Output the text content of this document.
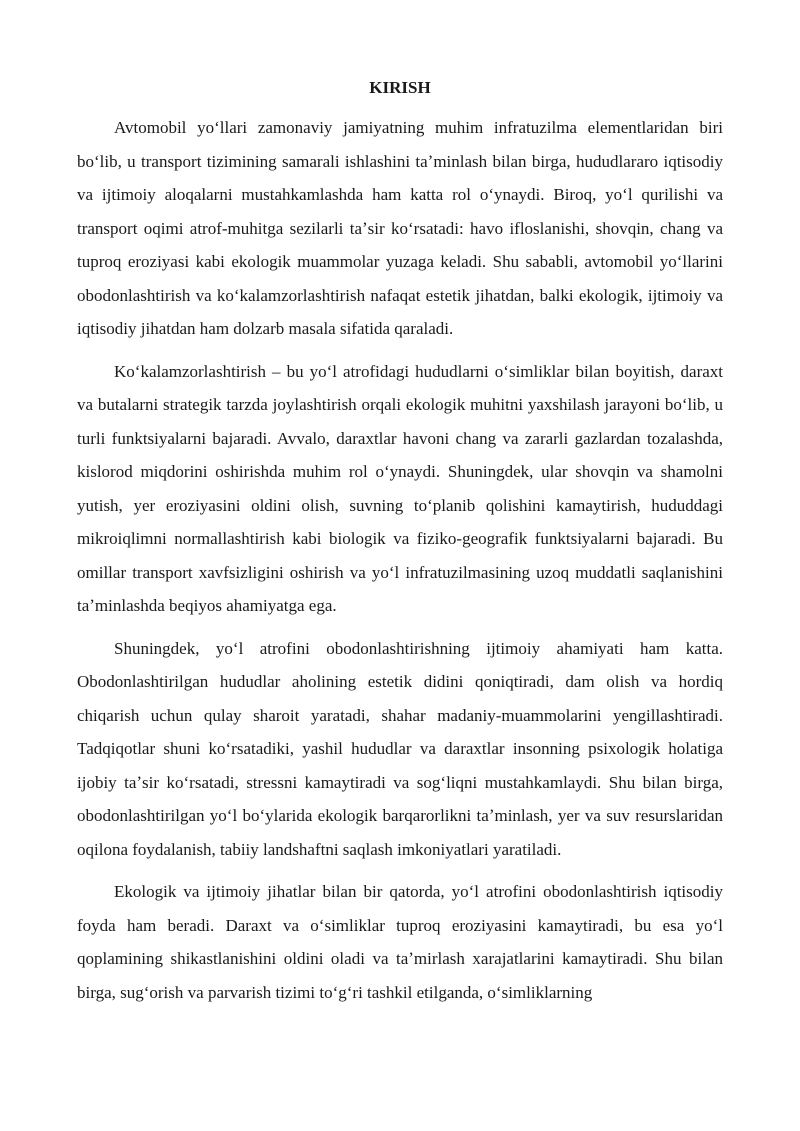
KIRISH

Avtomobil yoʻllari zamonaviy jamiyatning muhim infratuzilma elementlaridan biri boʻlib, u transport tizimining samarali ishlashini taʼminlash bilan birga, hududlararo iqtisodiy va ijtimoiy aloqalarni mustahkamlashda ham katta rol oʻynaydi. Biroq, yoʻl qurilishi va transport oqimi atrof-muhitga sezilarli taʼsir koʻrsatadi: havo ifloslanishi, shovqin, chang va tuproq eroziyasi kabi ekologik muammolar yuzaga keladi. Shu sababli, avtomobil yoʻllarini obodonlashtirish va koʻkalamzorlashtirish nafaqat estetik jihatdan, balki ekologik, ijtimoiy va iqtisodiy jihatdan ham dolzarb masala sifatida qaraladi.

Koʻkalamzorlashtirish – bu yoʻl atrofidagi hududlarni oʻsimliklar bilan boyitish, daraxt va butalarni strategik tarzda joylashtirish orqali ekologik muhitni yaxshilash jarayoni boʻlib, u turli funktsiyalarni bajaradi. Avvalo, daraxtlar havoni chang va zararli gazlardan tozalashda, kislorod miqdorini oshirishda muhim rol oʻynaydi. Shuningdek, ular shovqin va shamolni yutish, yer eroziyasini oldini olish, suvning toʻplanib qolishini kamaytirish, hududdagi mikroiqlimni normallashtirish kabi biologik va fiziko-geografik funktsiyalarni bajaradi. Bu omillar transport xavfsizligini oshirish va yoʻl infratuzilmasining uzoq muddatli saqlanishini taʼminlashda beqiyos ahamiyatga ega.

Shuningdek, yoʻl atrofini obodonlashtirishning ijtimoiy ahamiyati ham katta. Obodonlashtirilgan hududlar aholining estetik didini qoniqtiradi, dam olish va hordiq chiqarish uchun qulay sharoit yaratadi, shahar madaniy-muammolarini yengillashtiradi. Tadqiqotlar shuni koʻrsatadiki, yashil hududlar va daraxtlar insonning psixologik holatiga ijobiy taʼsir koʻrsatadi, stressni kamaytiradi va sogʻliqni mustahkamlaydi. Shu bilan birga, obodonlashtirilgan yoʻl boʻylarida ekologik barqarorlikni taʼminlash, yer va suv resurslaridan oqilona foydalanish, tabiiy landshaftni saqlash imkoniyatlari yaratiladi.

Ekologik va ijtimoiy jihatlar bilan bir qatorda, yoʻl atrofini obodonlashtirish iqtisodiy foyda ham beradi. Daraxt va oʻsimliklar tuproq eroziyasini kamaytiradi, bu esa yoʻl qoplamining shikastlanishini oldini oladi va taʼmirlash xarajatlarini kamaytiradi. Shu bilan birga, sugʻorish va parvarish tizimi toʻgʻri tashkil etilganda, oʻsimliklarning
